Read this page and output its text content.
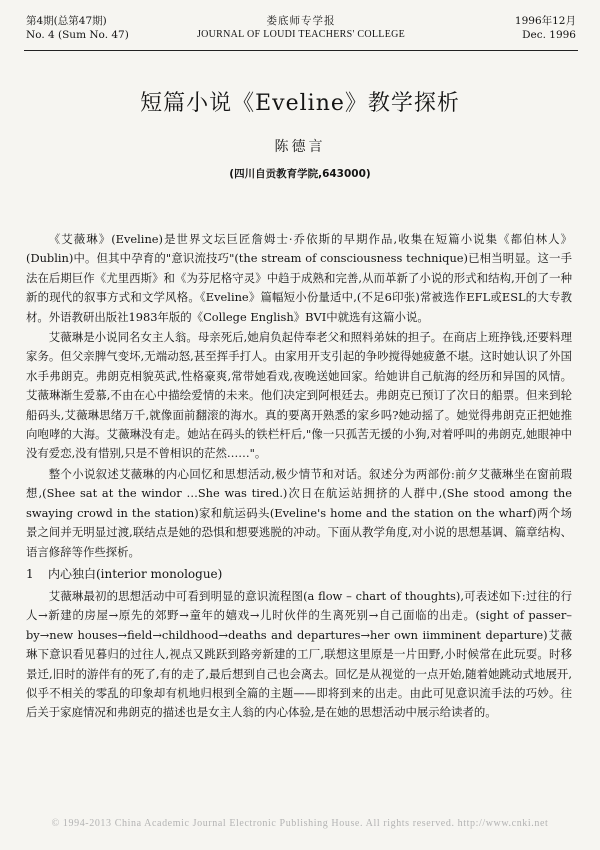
第4期(总第47期)
No. 4 (Sum No. 47)
娄底师专学报
JOURNAL OF LOUDI TEACHERS' COLLEGE
1996年12月
Dec. 1996
短篇小说《Eveline》教学探析
陈德言
(四川自贡教育学院,643000)

《艾薇琳》(Eveline)是世界文坛巨匠詹姆士·乔依斯的早期作品,收集在短篇小说集《都伯林人》(Dublin)中。但其中孕育的"意识流技巧"(the stream of consciousness technique)已相当明显。这一手法在后期巨作《尤里西斯》和《为芬尼格守灵》中趋于成熟和完善,从而革新了小说的形式和结构,开创了一种新的现代的叙事方式和文学风格。《Eveline》篇幅短小份量适中,(不足6印张)常被选作EFL或ESL的大专教材。外语教研出版社1983年版的《College English》BVI中就选有这篇小说。

艾薇琳是小说同名女主人翁。母亲死后,她肩负起侍奉老父和照料弟妹的担子。在商店上班挣钱,还要料理家务。但父亲脾气变坏,无端动怒,甚至挥手打人。由家用开支引起的争吵搅得她疲惫不堪。这时她认识了外国水手弗朗克。弗朗克相貌英武,性格豪爽,常带她看戏,夜晚送她回家。给她讲自己航海的经历和异国的风情。艾薇琳渐生爱慕,不由在心中描绘爱情的未来。他们决定到阿根廷去。弗朗克已预订了次日的船票。但来到轮船码头,艾薇琳思绪万千,就像面前翻滚的海水。真的要离开熟悉的家乡吗?她动摇了。她觉得弗朗克正把她推向咆哮的大海。艾薇琳没有走。她站在码头的铁栏杆后,"像一只孤苦无援的小狗,对着呼叫的弗朗克,她眼神中没有爱恋,没有惜别,只是不曾相识的茫然……"。

整个小说叙述艾薇琳的内心回忆和思想活动,极少情节和对话。叙述分为两部份:前夕艾薇琳坐在窗前瑕想,(Shee sat at the windor …She was tired.)次日在航运站拥挤的人群中,(She stood among the swaying crowd in the station)家和航运码头(Eveline's home and the station on the wharf)两个场景之间并无明显过渡,联结点是她的恐惧和想要逃脱的冲动。下面从教学角度,对小说的思想基调、篇章结构、语言修辞等作些探析。

1 内心独白(interior monologue)

艾薇琳最初的思想活动中可看到明显的意识流程图(a flow – chart of thoughts),可表述如下:过往的行人→新建的房屋→原先的郊野→童年的嬉戏→儿时伙伴的生离死别→自己面临的出走。(sight of passer–by→new houses→field→childhood→deaths and departures→her own iimminent departure)艾薇琳下意识看见暮归的过往人,视点又跳跃到路旁新建的工厂,联想这里原是一片田野,小时候常在此玩耍。时移景迁,旧时的游伴有的死了,有的走了,最后想到自己也会离去。回忆是从视觉的一点开始,随着她跳动式地展开,似乎不相关的零乱的印象却有机地归根到全篇的主题——即将到来的出走。由此可见意识流手法的巧妙。往后关于家庭情况和弗朗克的描述也是女主人翁的内心体验,是在她的思想活动中展示给读者的。

© 1994-2013 China Academic Journal Electronic Publishing House. All rights reserved. http://www.cnki.net
